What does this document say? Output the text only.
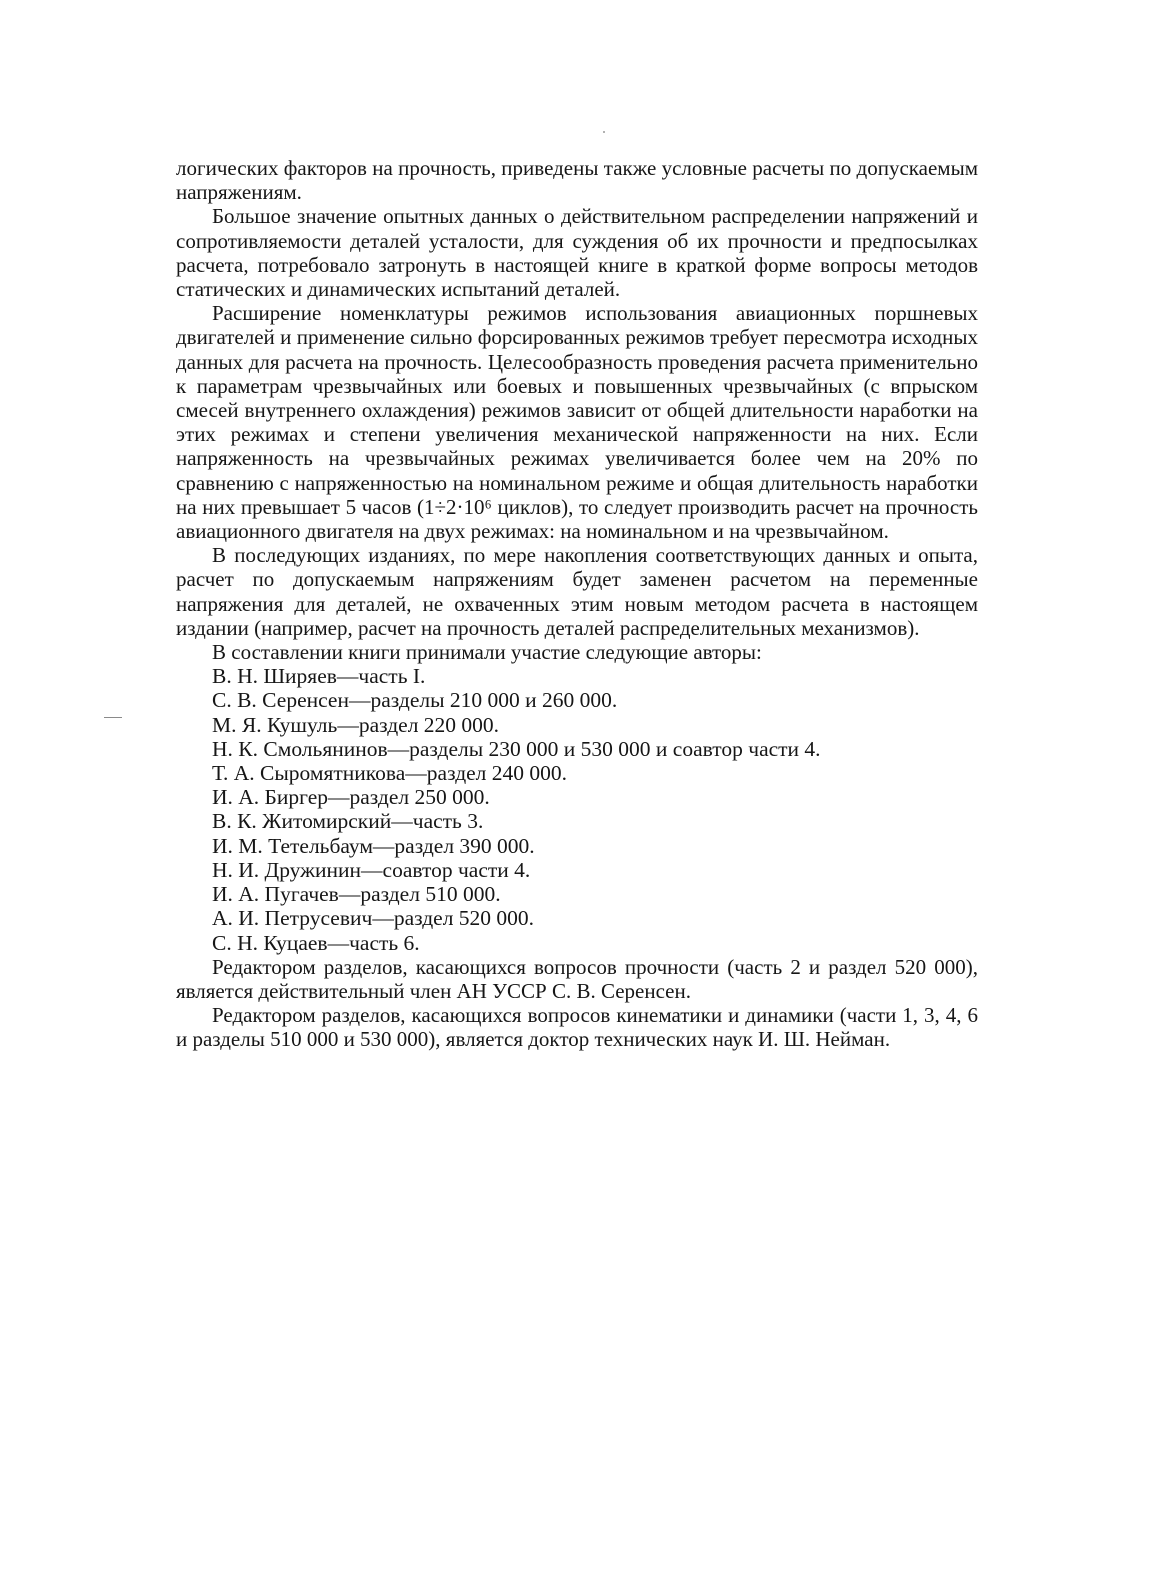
логических факторов на прочность, приведены также условные расчеты по допускаемым напряжениям.

Большое значение опытных данных о действительном распределении напряжений и сопротивляемости деталей усталости, для суждения об их прочности и предпосылках расчета, потребовало затронуть в настоящей книге в краткой форме вопросы методов статических и динамических испытаний деталей.

Расширение номенклатуры режимов использования авиационных поршневых двигателей и применение сильно форсированных режимов требует пересмотра исходных данных для расчета на прочность. Целесообразность проведения расчета применительно к параметрам чрезвычайных или боевых и повышенных чрезвычайных (с впрыском смесей внутреннего охлаждения) режимов зависит от общей длительности наработки на этих режимах и степени увеличения механической напряженности на них. Если напряженность на чрезвычайных режимах увеличивается более чем на 20% по сравнению с напряженностью на номинальном режиме и общая длительность наработки на них превышает 5 часов (1÷2·10⁶ циклов), то следует производить расчет на прочность авиационного двигателя на двух режимах: на номинальном и на чрезвычайном.

В последующих изданиях, по мере накопления соответствующих данных и опыта, расчет по допускаемым напряжениям будет заменен расчетом на переменные напряжения для деталей, не охваченных этим новым методом расчета в настоящем издании (например, расчет на прочность деталей распределительных механизмов).

В составлении книги принимали участие следующие авторы:

В. Н. Ширяев—часть I.
С. В. Серенсен—разделы 210 000 и 260 000.
М. Я. Кушуль—раздел 220 000.
Н. К. Смольянинов—разделы 230 000 и 530 000 и соавтор части 4.
Т. А. Сыромятникова—раздел 240 000.
И. А. Биргер—раздел 250 000.
В. К. Житомирский—часть 3.
И. М. Тетельбаум—раздел 390 000.
Н. И. Дружинин—соавтор части 4.
И. А. Пугачев—раздел 510 000.
А. И. Петрусевич—раздел 520 000.
С. Н. Куцаев—часть 6.

Редактором разделов, касающихся вопросов прочности (часть 2 и раздел 520 000), является действительный член АН УССР С. В. Серенсен.

Редактором разделов, касающихся вопросов кинематики и динамики (части 1, 3, 4, 6 и разделы 510 000 и 530 000), является доктор технических наук И. Ш. Нейман.
